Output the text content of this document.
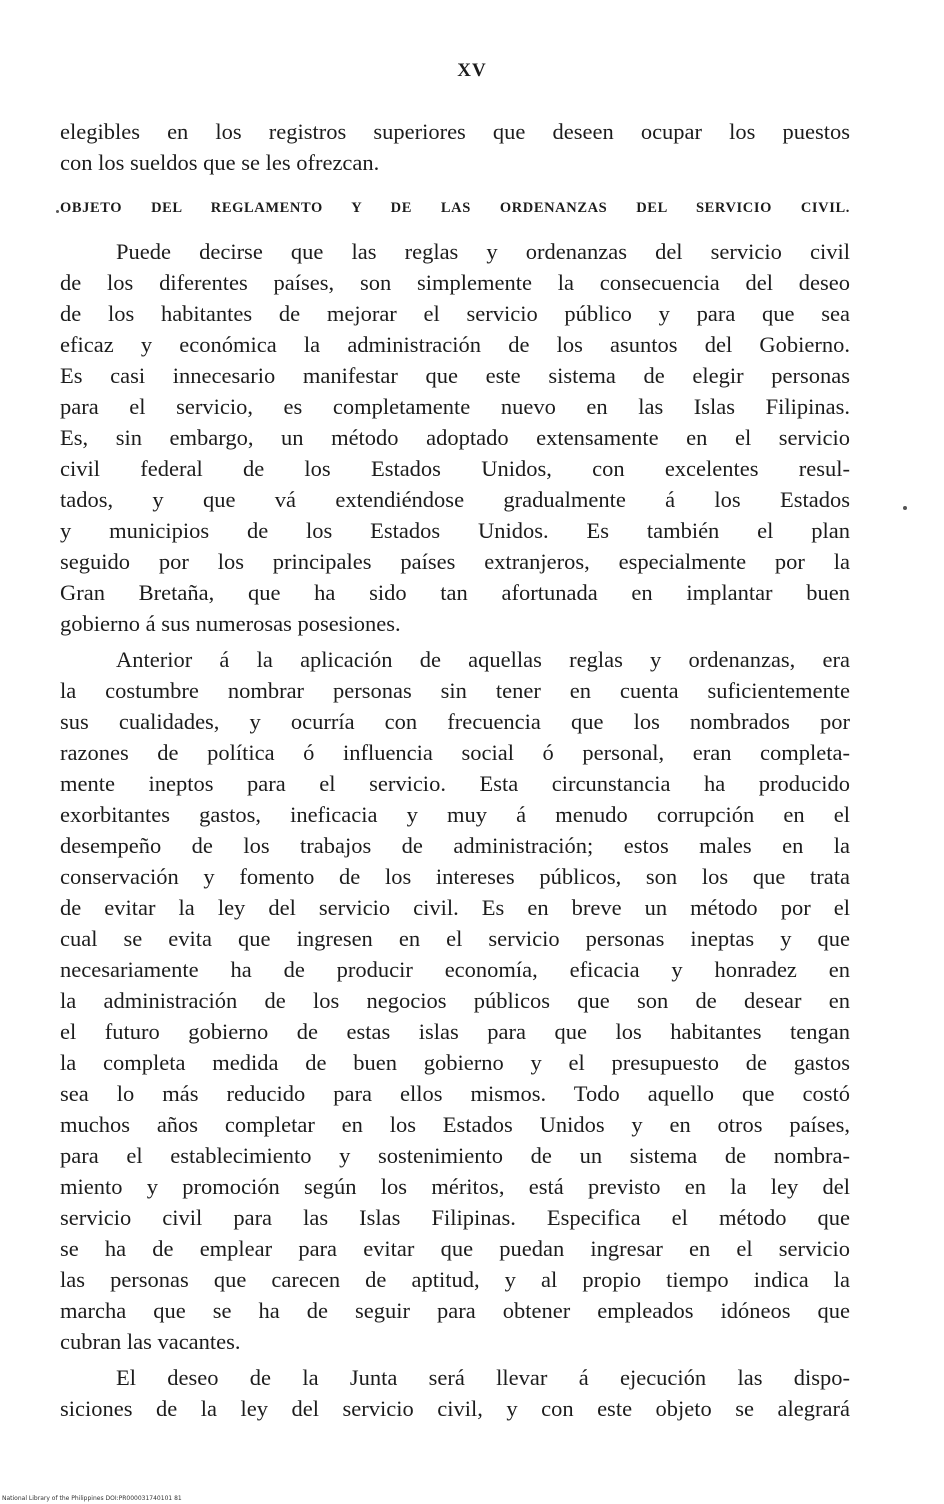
XV
elegibles en los registros superiores que deseen ocupar los puestos
con los sueldos que se les ofrezcan.
OBJETO DEL REGLAMENTO Y DE LAS ORDENANZAS DEL SERVICIO CIVIL.
Puede decirse que las reglas y ordenanzas del servicio civil
de los diferentes países, son simplemente la consecuencia del deseo
de los habitantes de mejorar el servicio público y para que sea
eficaz y económica la administración de los asuntos del Gobierno.
Es casi innecesario manifestar que este sistema de elegir personas
para el servicio, es completamente nuevo en las Islas Filipinas.
Es, sin embargo, un método adoptado extensamente en el servicio
civil federal de los Estados Unidos, con excelentes resul-
tados, y que vá extendiéndose gradualmente á los Estados
y municipios de los Estados Unidos. Es también el plan
seguido por los principales países extranjeros, especialmente por la
Gran Bretaña, que ha sido tan afortunada en implantar buen
gobierno á sus numerosas posesiones.
Anterior á la aplicación de aquellas reglas y ordenanzas, era
la costumbre nombrar personas sin tener en cuenta suficientemente
sus cualidades, y ocurría con frecuencia que los nombrados por
razones de política ó influencia social ó personal, eran completa-
mente ineptos para el servicio. Esta circunstancia ha producido
exorbitantes gastos, ineficacia y muy á menudo corrupción en el
desempeño de los trabajos de administración; estos males en la
conservación y fomento de los intereses públicos, son los que trata
de evitar la ley del servicio civil. Es en breve un método por el
cual se evita que ingresen en el servicio personas ineptas y que
necesariamente ha de producir economía, eficacia y honradez en
la administración de los negocios públicos que son de desear en
el futuro gobierno de estas islas para que los habitantes tengan
la completa medida de buen gobierno y el presupuesto de gastos
sea lo más reducido para ellos mismos. Todo aquello que costó
muchos años completar en los Estados Unidos y en otros países,
para el establecimiento y sostenimiento de un sistema de nombra-
miento y promoción según los méritos, está previsto en la ley del
servicio civil para las Islas Filipinas. Especifica el método que
se ha de emplear para evitar que puedan ingresar en el servicio
las personas que carecen de aptitud, y al propio tiempo indica la
marcha que se ha de seguir para obtener empleados idóneos que
cubran las vacantes.
El deseo de la Junta será llevar á ejecución las dispo-
siciones de la ley del servicio civil, y con este objeto se alegrará
National Library of the Philippines DOI:PR000031740101 81
